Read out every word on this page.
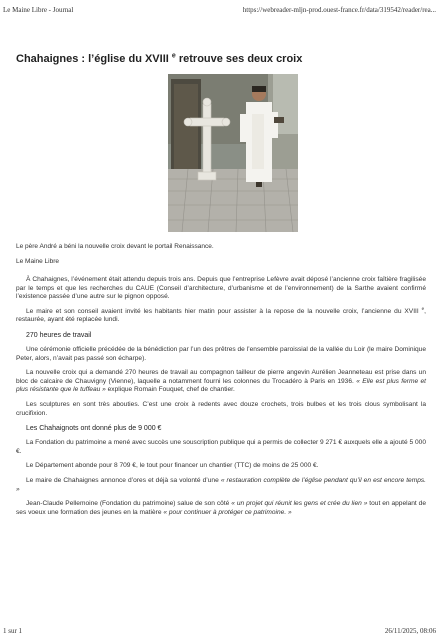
Le Maine Libre - Journal	https://webreader-mljn-prod.ouest-france.fr/data/319542/reader/rea...
Chahaignes : l’église du XVIII $^e$ retrouve ses deux croix
Le père André a béni la nouvelle croix devant le portail Renaissance.
Le Maine Libre

À Chahaignes, l’événement était attendu depuis trois ans. Depuis que l’entreprise Lefèvre avait déposé l’ancienne croix faîtière fragilisée par le temps et que les recherches du CAUE (Conseil d’architecture, d’urbanisme et de l’environnement) de la Sarthe avaient confirmé l’existence passée d’une autre sur le pignon opposé.

Le maire et son conseil avaient invité les habitants hier matin pour assister à la repose de la nouvelle croix, l’ancienne du XVIII $^e$, restaurée, ayant été replacée lundi.

270 heures de travail

Une cérémonie officielle précédée de la bénédiction par l’un des prêtres de l’ensemble paroissial de la vallée du Loir (le maire Dominique Peter, alors, n’avait pas passé son écharpe).

La nouvelle croix qui a demandé 270 heures de travail au compagnon tailleur de pierre angevin Aurélien Jeanneteau est prise dans un bloc de calcaire de Chauvigny (Vienne), laquelle a notamment fourni les colonnes du Trocadéro à Paris en 1936. « Elle est plus ferme et plus résistante que le tuffeau » explique Romain Fouquet, chef de chantier.

Les sculptures en sont très abouties. C’est une croix à redents avec douze crochets, trois bulbes et les trois clous symbolisant la crucifixion.

Les Chahaignots ont donné plus de 9 000 €

La Fondation du patrimoine a mené avec succès une souscription publique qui a permis de collecter 9 271 € auxquels elle a ajouté 5 000 €.

Le Département abonde pour 8 709 €, le tout pour financer un chantier (TTC) de moins de 25 000 €.

Le maire de Chahaignes annonce d’ores et déjà sa volonté d’une « restauration complète de l’église pendant qu’il en est encore temps. »

Jean-Claude Pellemoine (Fondation du patrimoine) salue de son côté « un projet qui réunit les gens et crée du lien » tout en appelant de ses voeux une formation des jeunes en la matière « pour continuer à protéger ce patrimoine. »

1 sur 1	26/11/2025, 08:06
